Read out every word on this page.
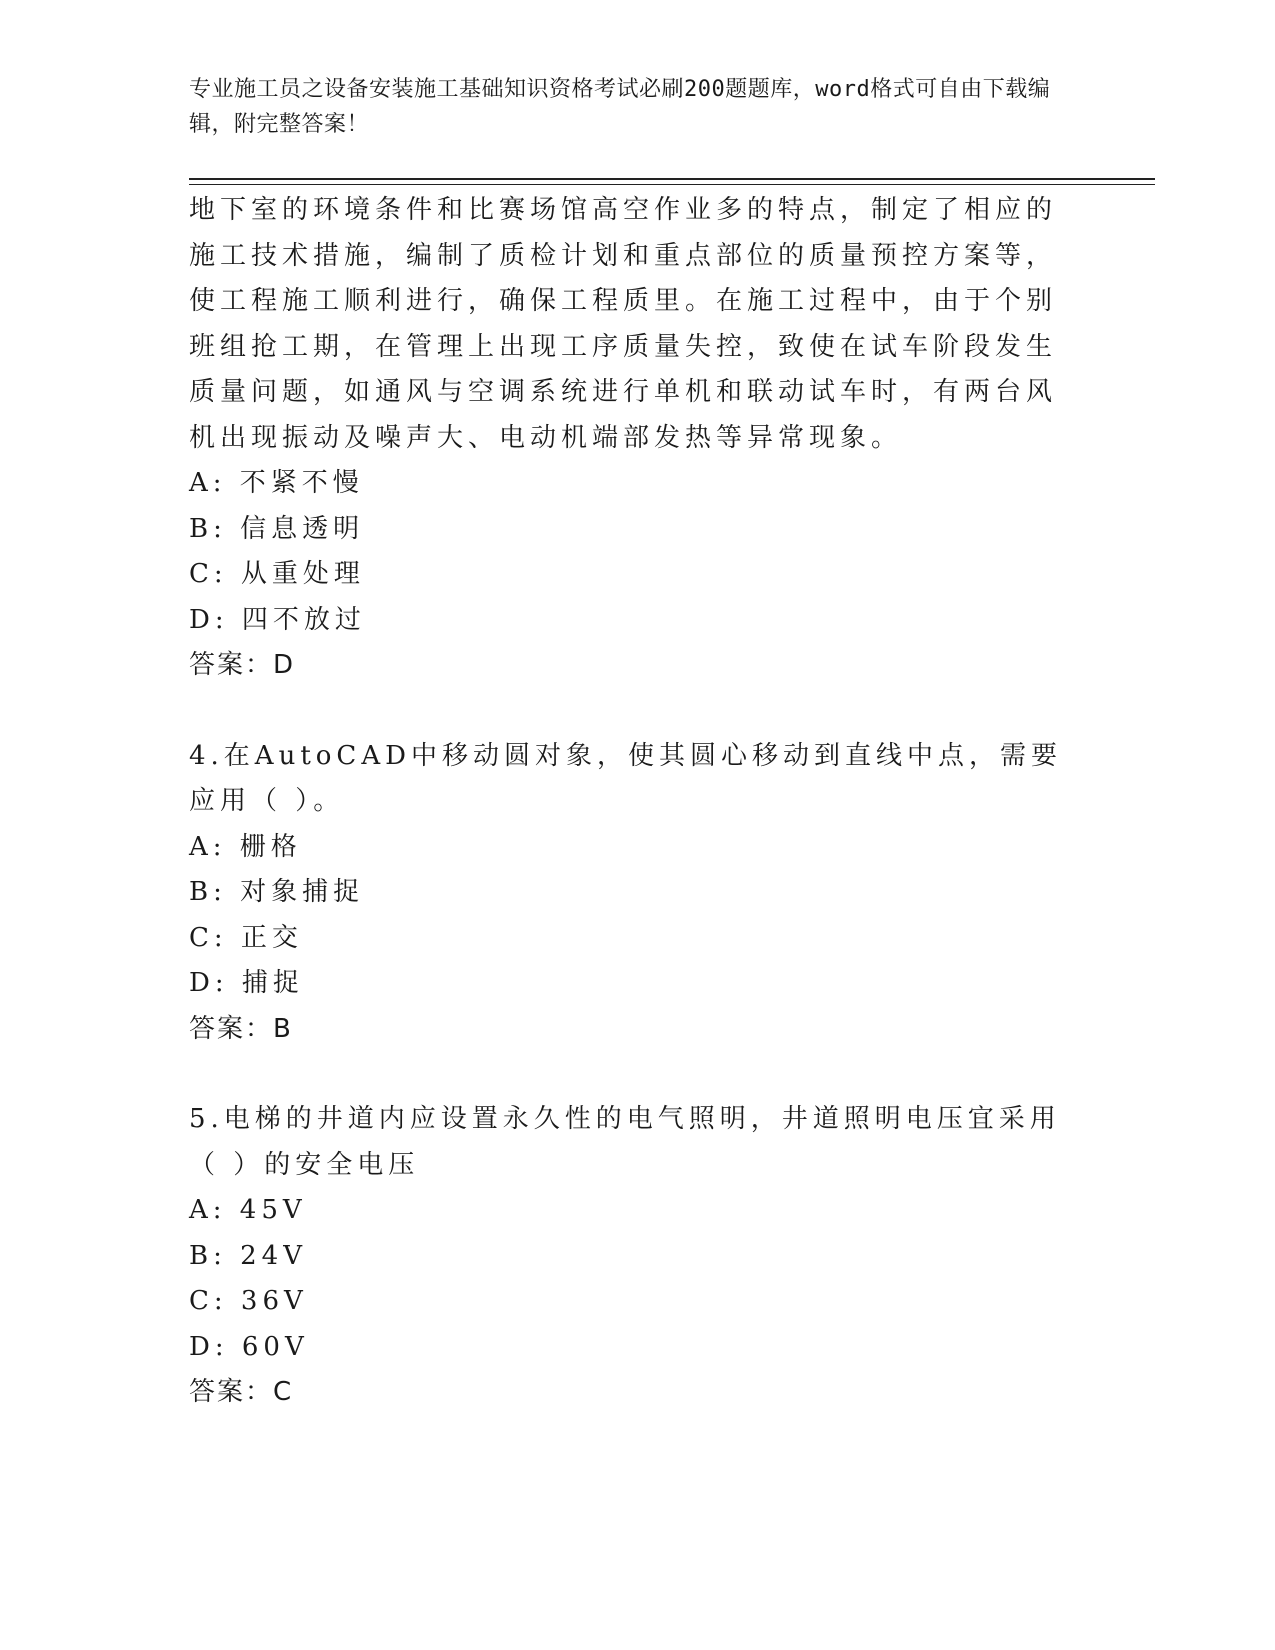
专业施工员之设备安装施工基础知识资格考试必刷200题题库，word格式可自由下载编辑，附完整答案！

地下室的环境条件和比赛场馆高空作业多的特点，制定了相应的施工技术措施，编制了质检计划和重点部位的质量预控方案等，使工程施工顺利进行，确保工程质里。在施工过程中，由于个别班组抢工期，在管理上出现工序质量失控，致使在试车阶段发生质量问题，如通风与空调系统进行单机和联动试车时，有两台风机出现振动及噪声大、电动机端部发热等异常现象。

A: 不紧不慢

B: 信息透明

C: 从重处理

D: 四不放过

答案：D

4.在AutoCAD中移动圆对象，使其圆心移动到直线中点，需要应用（ ）。

A: 栅格

B: 对象捕捉

C: 正交

D: 捕捉

答案：B

5.电梯的井道内应设置永久性的电气照明，井道照明电压宜采用（ ）的安全电压

A: 45V

B: 24V

C: 36V

D: 60V

答案：C
